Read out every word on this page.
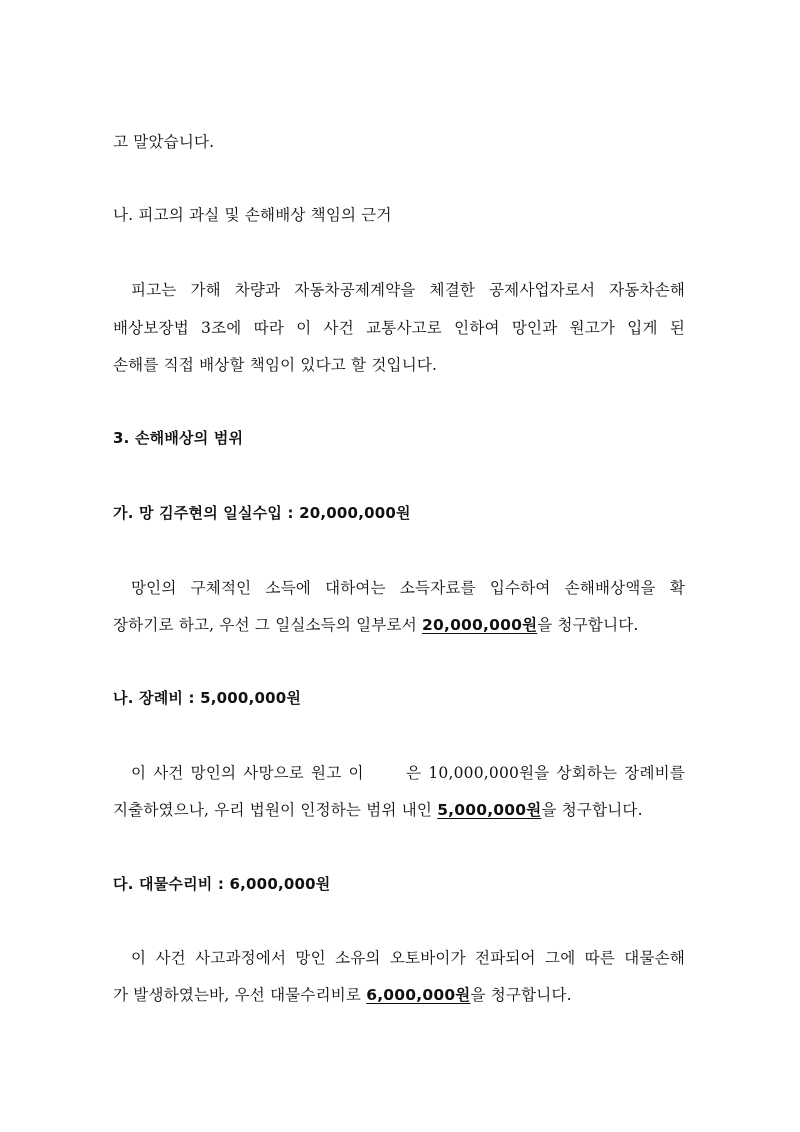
고 말았습니다.
나. 피고의 과실 및 손해배상 책임의 근거
피고는 가해 차량과 자동차공제계약을 체결한 공제사업자로서 자동차손해
배상보장법 3조에 따라 이 사건 교통사고로 인하여 망인과 원고가 입게 된
손해를 직접 배상할 책임이 있다고 할 것입니다.
3. 손해배상의 범위
가. 망 김주현의 일실수입 : 20,000,000원
망인의 구체적인 소득에 대하여는 소득자료를 입수하여 손해배상액을 확
장하기로 하고, 우선 그 일실소득의 일부로서 20,000,000원을 청구합니다.
나. 장례비 : 5,000,000원
이 사건 망인의 사망으로 원고 이      은 10,000,000원을 상회하는 장례비를
지출하였으나, 우리 법원이 인정하는 범위 내인 5,000,000원을 청구합니다.
다. 대물수리비 : 6,000,000원
이 사건 사고과정에서 망인 소유의 오토바이가 전파되어 그에 따른 대물손해
가 발생하였는바, 우선 대물수리비로 6,000,000원을 청구합니다.
